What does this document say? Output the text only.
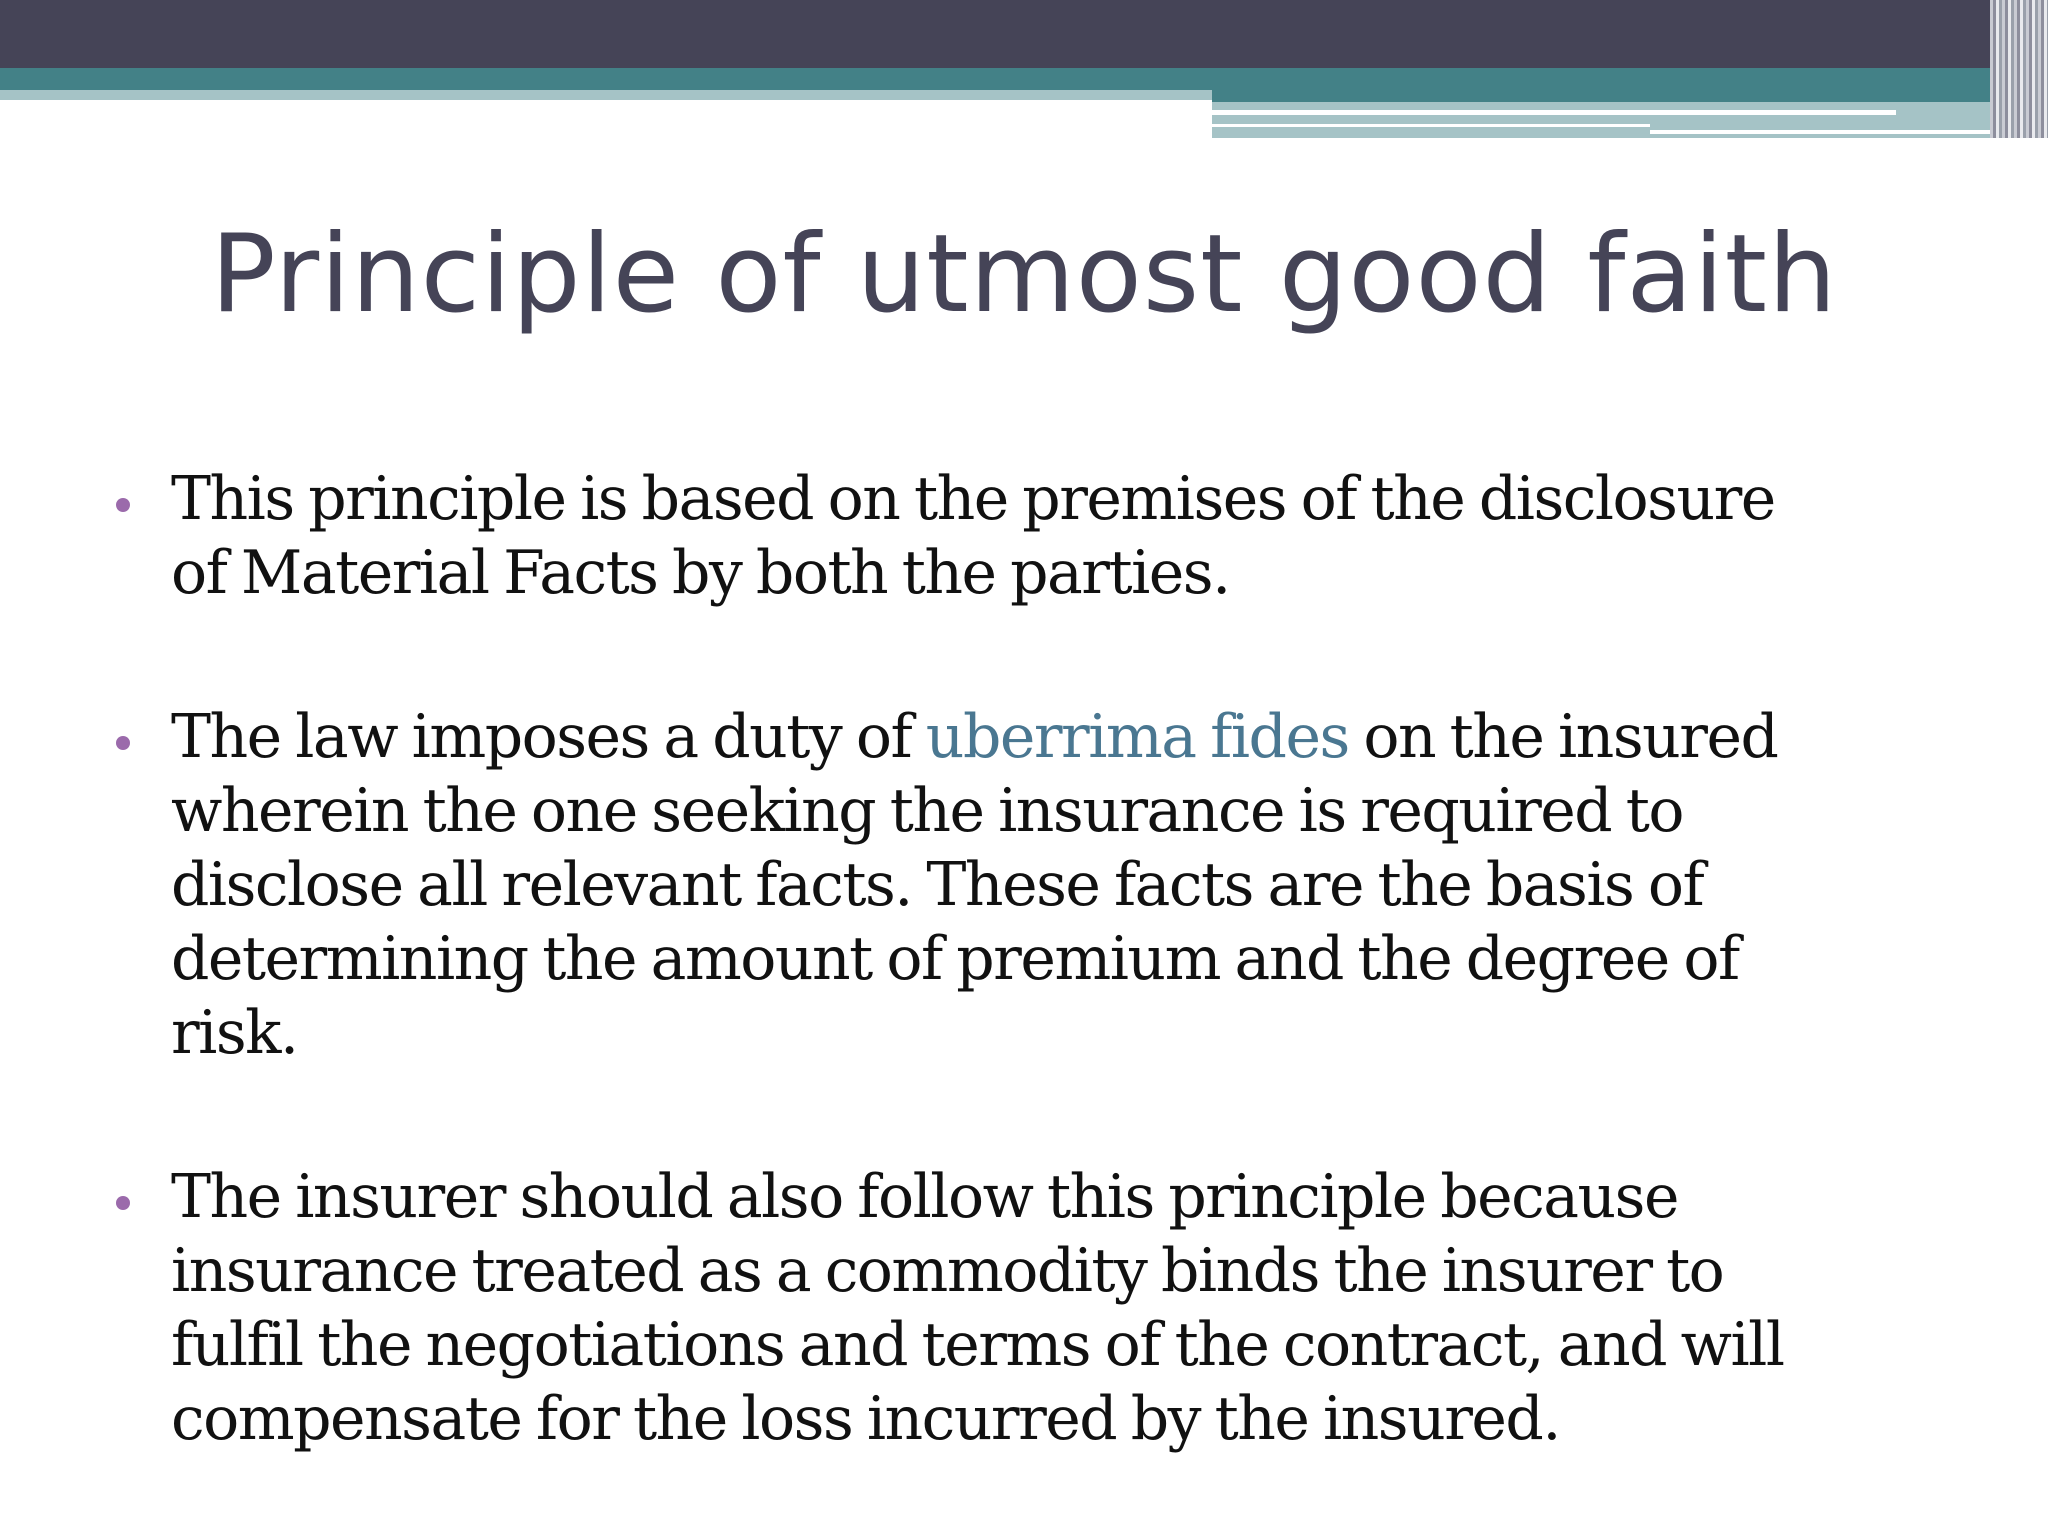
Principle of utmost good faith
This principle is based on the premises of the disclosure
of Material Facts by both the parties.
The law imposes a duty of uberrima fides on the insured
wherein the one seeking the insurance is required to
disclose all relevant facts. These facts are the basis of
determining the amount of premium and the degree of
risk.
The insurer should also follow this principle because
insurance treated as a commodity binds the insurer to
fulfil the negotiations and terms of the contract, and will
compensate for the loss incurred by the insured.
